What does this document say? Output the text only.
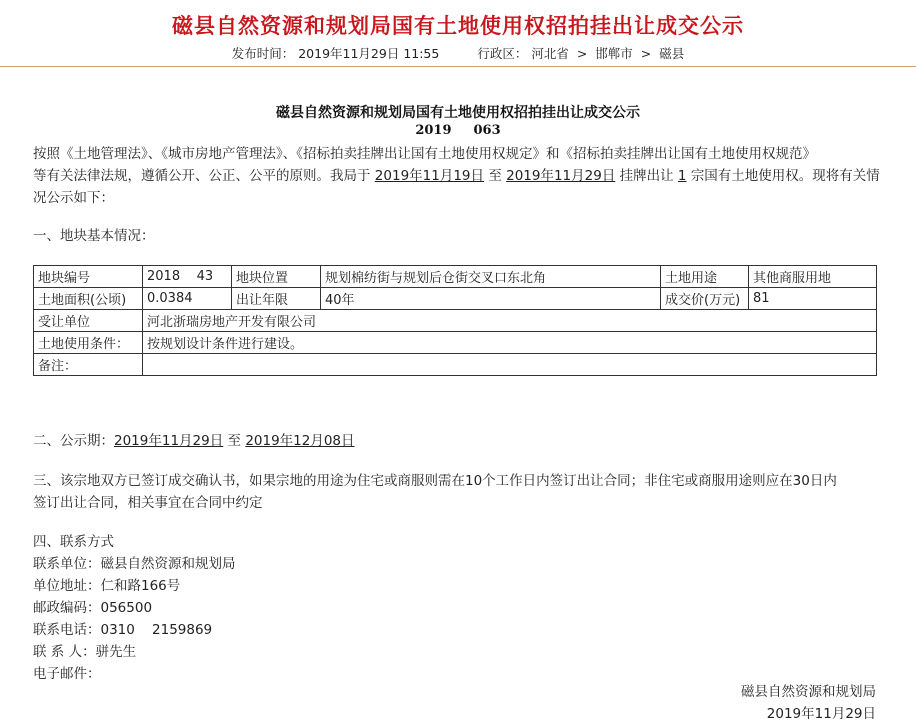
磁县自然资源和规划局国有土地使用权招拍挂出让成交公示
发布时间： 2019年11月29日 11:55	行政区： 河北省 > 邯郸市 > 磁县
磁县自然资源和规划局国有土地使用权招拍挂出让成交公示
2019 063
按照《土地管理法》、《城市房地产管理法》、《招标拍卖挂牌出让国有土地使用权规定》和《招标拍卖挂牌出让国有土地使用权规范》
等有关法律法规，遵循公开、公正、公平的原则。我局于 2019年11月19日 至 2019年11月29日 挂牌出让 1 宗国有土地使用权。现将有关情
况公示如下：
一、地块基本情况：
地块编号	2018    43	地块位置	规划棉纺街与规划后仓街交叉口东北角	土地用途	其他商服用地
土地面积(公顷)	0.0384	出让年限	40年	成交价(万元)	81
受让单位	河北浙瑞房地产开发有限公司				
土地使用条件：	按规划设计条件进行建设。				
备注：					
二、公示期：2019年11月29日 至 2019年12月08日
三、该宗地双方已签订成交确认书，如果宗地的用途为住宅或商服则需在10个工作日内签订出让合同；非住宅或商服用途则应在30日内
签订出让合同，相关事宜在合同中约定
四、联系方式
联系单位：磁县自然资源和规划局
单位地址：仁和路166号
邮政编码：056500
联系电话：0310    2159869
联 系 人：骈先生
电子邮件：
磁县自然资源和规划局
2019年11月29日
